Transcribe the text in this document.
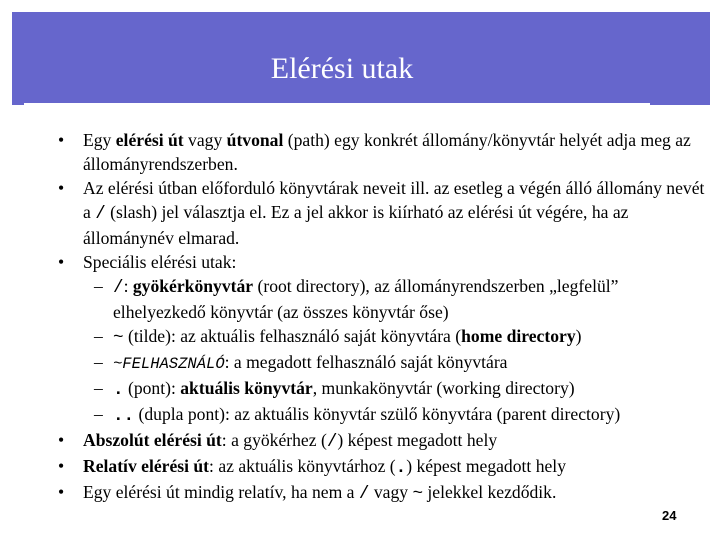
Elérési utak
• Egy elérési út vagy útvonal (path) egy konkrét állomány/könyvtár helyét adja meg az állományrendszerben.
• Az elérési útban előforduló könyvtárak neveit ill. az esetleg a végén álló állomány nevét a / (slash) jel választja el. Ez a jel akkor is kiírható az elérési út végére, ha az állománynév elmarad.
• Speciális elérési utak:
– /: gyökérkönyvtár (root directory), az állományrendszerben „legfelül” elhelyezkedő könyvtár (az összes könyvtár őse)
– ~ (tilde): az aktuális felhasználó saját könyvtára (home directory)
– ~FELHASZNÁLÓ: a megadott felhasználó saját könyvtára
– . (pont): aktuális könyvtár, munkakönyvtár (working directory)
– .. (dupla pont): az aktuális könyvtár szülő könyvtára (parent directory)
• Abszolút elérési út: a gyökérhez (/) képest megadott hely
• Relatív elérési út: az aktuális könyvtárhoz (.) képest megadott hely
• Egy elérési út mindig relatív, ha nem a / vagy ~ jelekkel kezdődik.
24
